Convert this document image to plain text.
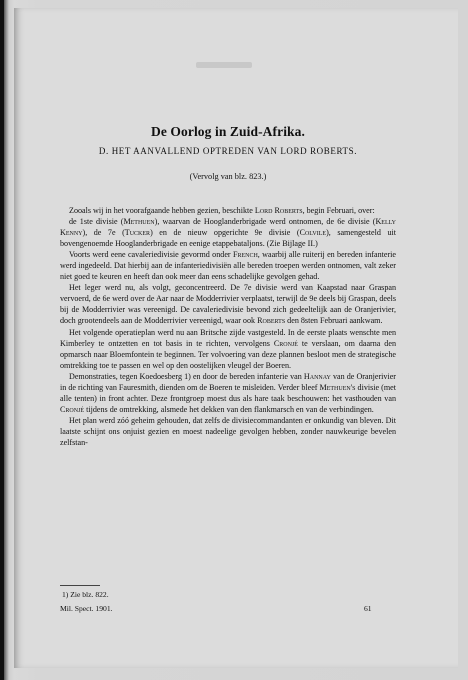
De Oorlog in Zuid-Afrika.
D. HET AANVALLEND OPTREDEN VAN LORD ROBERTS.
(Vervolg van blz. 823.)

Zooals wij in het voorafgaande hebben gezien, beschikte Lord Roberts, begin Februari, over:

de 1ste divisie (Methuen), waarvan de Hooglanderbrigade werd ontnomen, de 6e divisie (Kelly Kenny), de 7e (Tucker) en de nieuw opgerichte 9e divisie (Colvile), samengesteld uit bovengenoemde Hooglanderbrigade en eenige etappebataljons. (Zie Bijlage II.)

Voorts werd eene cavaleriedivisie gevormd onder French, waarbij alle ruiterij en bereden infanterie werd ingedeeld. Dat hierbij aan de infanteriedivisiën alle bereden troepen werden ontnomen, valt zeker niet goed te keuren en heeft dan ook meer dan eens schadelijke gevolgen gehad.

Het leger werd nu, als volgt, geconcentreerd. De 7e divisie werd van Kaapstad naar Graspan vervoerd, de 6e werd over de Aar naar de Modderrivier verplaatst, terwijl de 9e deels bij Graspan, deels bij de Modderrivier was vereenigd. De cavaleriedivisie bevond zich gedeeltelijk aan de Oranjerivier, doch grootendeels aan de Modderrivier vereenigd, waar ook Roberts den 8sten Februari aankwam.

Het volgende operatieplan werd nu aan Britsche zijde vastgesteld. In de eerste plaats wenschte men Kimberley te ontzetten en tot basis in te richten, vervolgens Cronjé te verslaan, om daarna den opmarsch naar Bloemfontein te beginnen. Ter volvoering van deze plannen besloot men de strategische omtrekking toe te passen en wel op den oostelijken vleugel der Boeren.

Demonstraties, tegen Koedoesberg 1) en door de bereden infanterie van Hannay van de Oranjerivier in de richting van Fauresmith, dienden om de Boeren te misleiden. Verder bleef Methuen's divisie (met alle tenten) in front achter. Deze frontgroep moest dus als hare taak beschouwen: het vasthouden van Cronjé tijdens de omtrekking, alsmede het dekken van den flankmarsch en van de verbindingen.

Het plan werd zóó geheim gehouden, dat zelfs de divisiecommandanten er onkundig van bleven. Dit laatste schijnt ons onjuist gezien en moest nadeelige gevolgen hebben, zonder nauwkeurige bevelen zelfstan-

1) Zie blz. 822.
Mil. Spect. 1901.	61
